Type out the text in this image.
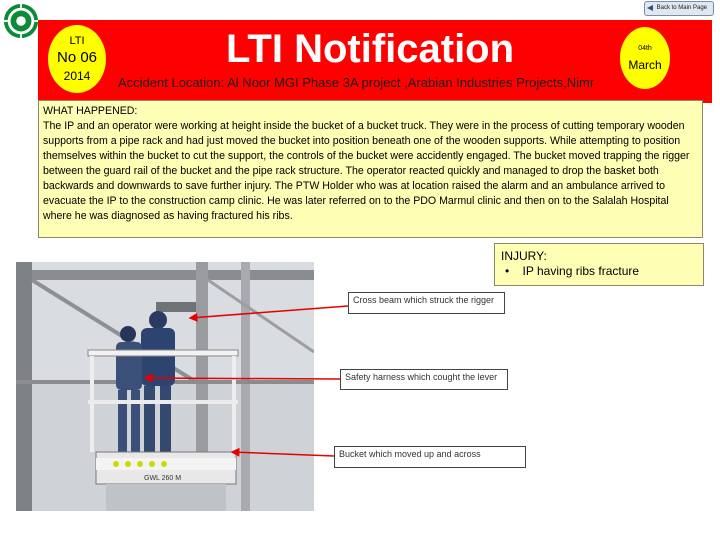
Back to Main Page
LTI
No 06
2014
LTI Notification	04th
March
Accident Location: Al Noor MGI Phase 3A project ,Arabian Industries Projects,Nimr
WHAT HAPPENED:
The IP and an operator were working at height inside the bucket of a bucket truck. They were in the process of cutting temporary wooden supports from a pipe rack and had just moved the bucket into position beneath one of the wooden supports. While attempting to position themselves within the bucket to cut the support, the controls of the bucket were accidently engaged. The bucket moved trapping the rigger between the guard rail of the bucket and the pipe rack structure. The operator reacted quickly and managed to drop the basket both backwards and downwards to save further injury. The PTW Holder who was at location raised the alarm and an ambulance arrived to evacuate the IP to the construction camp clinic. He was later referred on to the PDO Marmul clinic and then on to the Salalah Hospital where he was diagnosed as having fractured his ribs.
INJURY:
•    IP having ribs fracture
GWL 260 M
Cross beam which struck the rigger
Safety harness which cought the lever
Bucket which moved up and across
